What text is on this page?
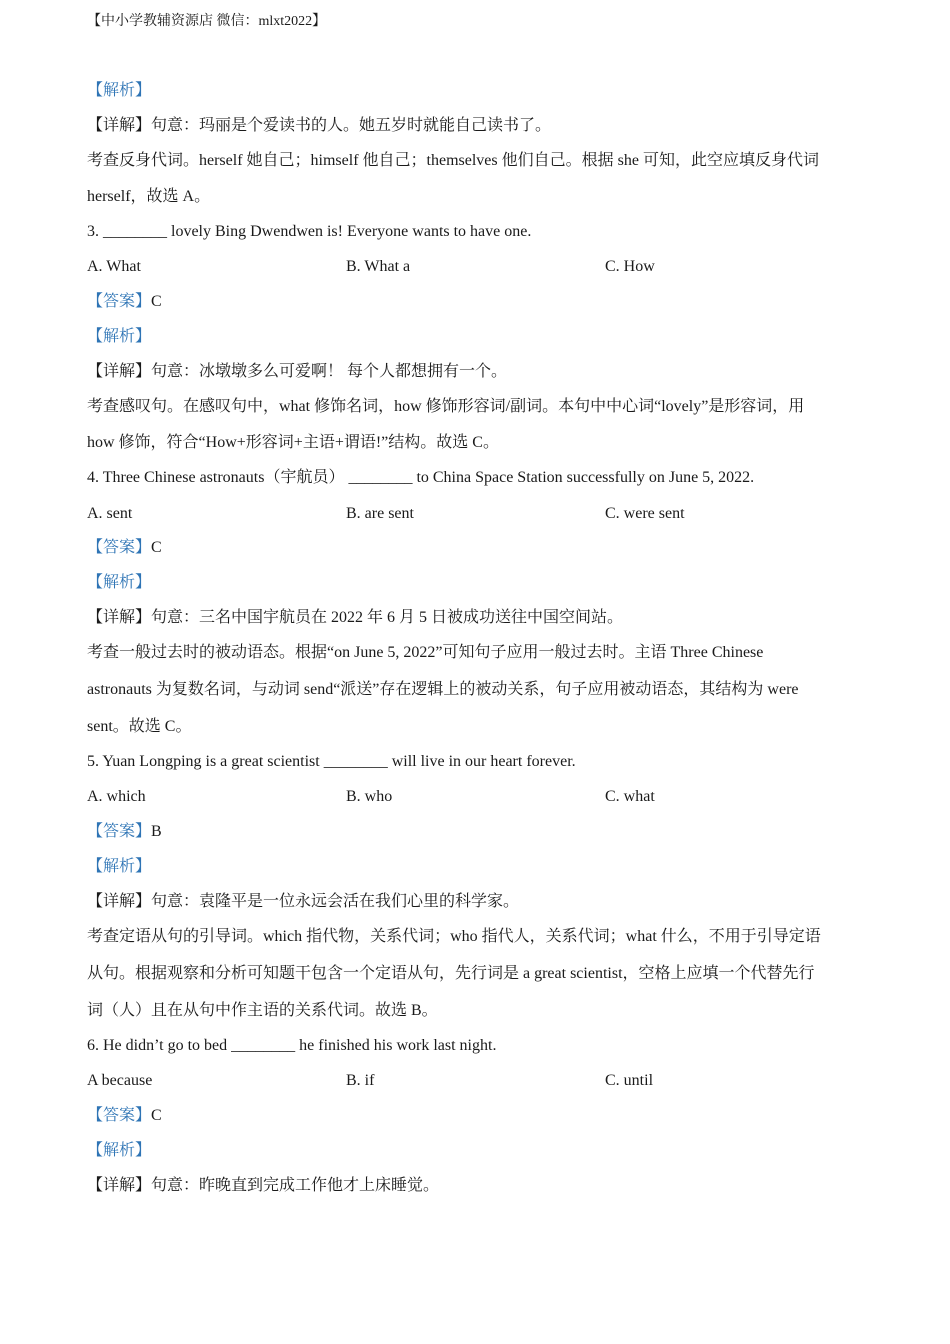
【中小学教辅资源店 微信：mlxt2022】
【解析】
【详解】句意：玛丽是个爱读书的人。她五岁时就能自己读书了。
考查反身代词。herself 她自己；himself 他自己；themselves 他们自己。根据 she 可知，此空应填反身代词
herself，故选 A。
3. ________ lovely Bing Dwendwen is! Everyone wants to have one.
A. What	B. What a	C. How
【答案】C
【解析】
【详解】句意：冰墩墩多么可爱啊！ 每个人都想拥有一个。
考查感叹句。在感叹句中，what 修饰名词，how 修饰形容词/副词。本句中中心词“lovely”是形容词，用
how 修饰，符合“How+形容词+主语+谓语!”结构。故选 C。
4. Three Chinese astronauts（宇航员） ________ to China Space Station successfully on June 5, 2022.
A. sent	B. are sent	C. were sent
【答案】C
【解析】
【详解】句意：三名中国宇航员在 2022 年 6 月 5 日被成功送往中国空间站。
考查一般过去时的被动语态。根据“on June 5, 2022”可知句子应用一般过去时。主语 Three Chinese
astronauts 为复数名词，与动词 send“派送”存在逻辑上的被动关系，句子应用被动语态，其结构为 were
sent。故选 C。
5. Yuan Longping is a great scientist ________ will live in our heart forever.
A. which	B. who	C. what
【答案】B
【解析】
【详解】句意：袁隆平是一位永远会活在我们心里的科学家。
考查定语从句的引导词。which 指代物，关系代词；who 指代人，关系代词；what 什么，不用于引导定语
从句。根据观察和分析可知题干包含一个定语从句，先行词是 a great scientist，空格上应填一个代替先行
词（人）且在从句中作主语的关系代词。故选 B。
6. He didn’t go to bed ________ he finished his work last night.
A because	B. if	C. until
【答案】C
【解析】
【详解】句意：昨晚直到完成工作他才上床睡觉。
